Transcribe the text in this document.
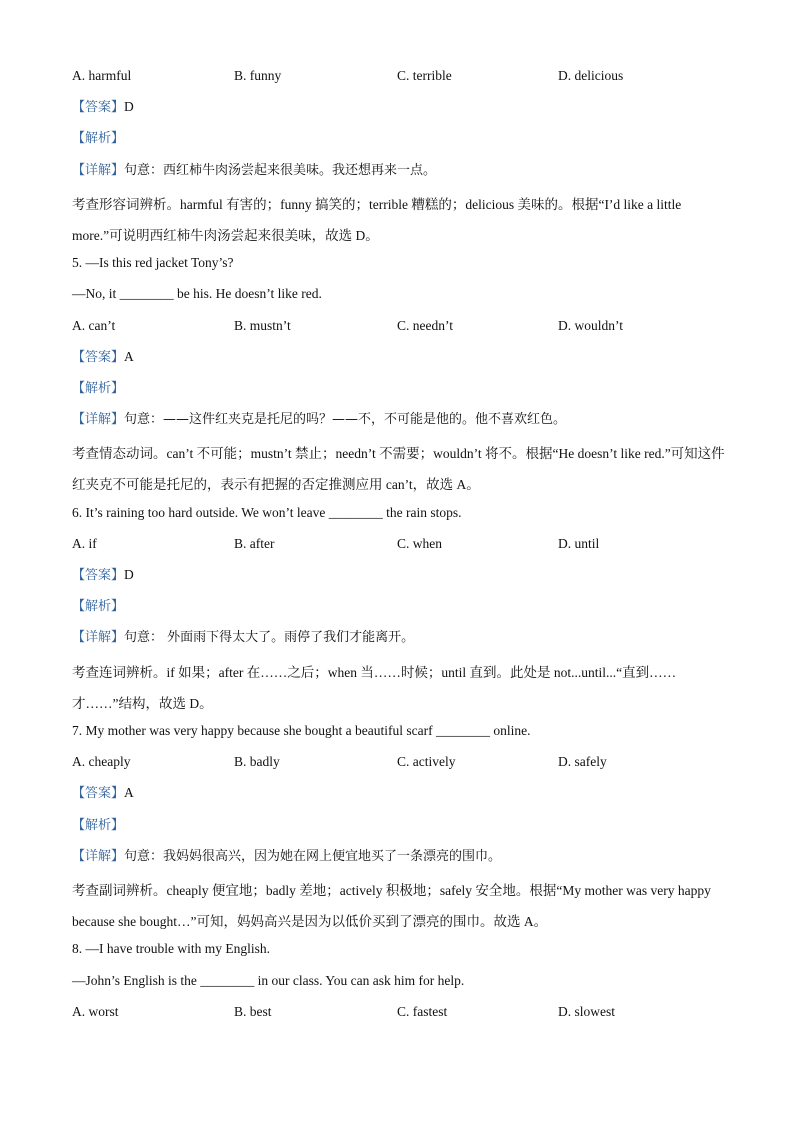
A. harmful	B. funny	C. terrible	D. delicious
【答案】D
【解析】
【详解】句意：西红柿牛肉汤尝起来很美味。我还想再来一点。
考查形容词辨析。harmful 有害的；funny 搞笑的；terrible 糟糕的；delicious 美味的。根据“I’d like a little more.”可说明西红柿牛肉汤尝起来很美味，故选 D。
5. —Is this red jacket Tony’s?
—No, it ________ be his. He doesn’t like red.
A. can’t	B. mustn’t	C. needn’t	D. wouldn’t
【答案】A
【解析】
【详解】句意：——这件红夹克是托尼的吗？——不，不可能是他的。他不喜欢红色。
考查情态动词。can’t 不可能；mustn’t 禁止；needn’t 不需要；wouldn’t 将不。根据“He doesn’t like red.”可知这件红夹克不可能是托尼的，表示有把握的否定推测应用 can’t，故选 A。
6. It’s raining too hard outside. We won’t leave ________ the rain stops.
A. if	B. after	C. when	D. until
【答案】D
【解析】
【详解】句意： 外面雨下得太大了。雨停了我们才能离开。
考查连词辨析。if 如果；after 在……之后；when 当……时候；until 直到。此处是 not...until...“直到……才……”结构，故选 D。
7. My mother was very happy because she bought a beautiful scarf ________ online.
A. cheaply	B. badly	C. actively	D. safely
【答案】A
【解析】
【详解】句意：我妈妈很高兴，因为她在网上便宜地买了一条漂亮的围巾。
考查副词辨析。cheaply 便宜地；badly 差地；actively 积极地；safely 安全地。根据“My mother was very happy because she bought…”可知，妈妈高兴是因为以低价买到了漂亮的围巾。故选 A。
8. —I have trouble with my English.
—John’s English is the ________ in our class. You can ask him for help.
A. worst	B. best	C. fastest	D. slowest
